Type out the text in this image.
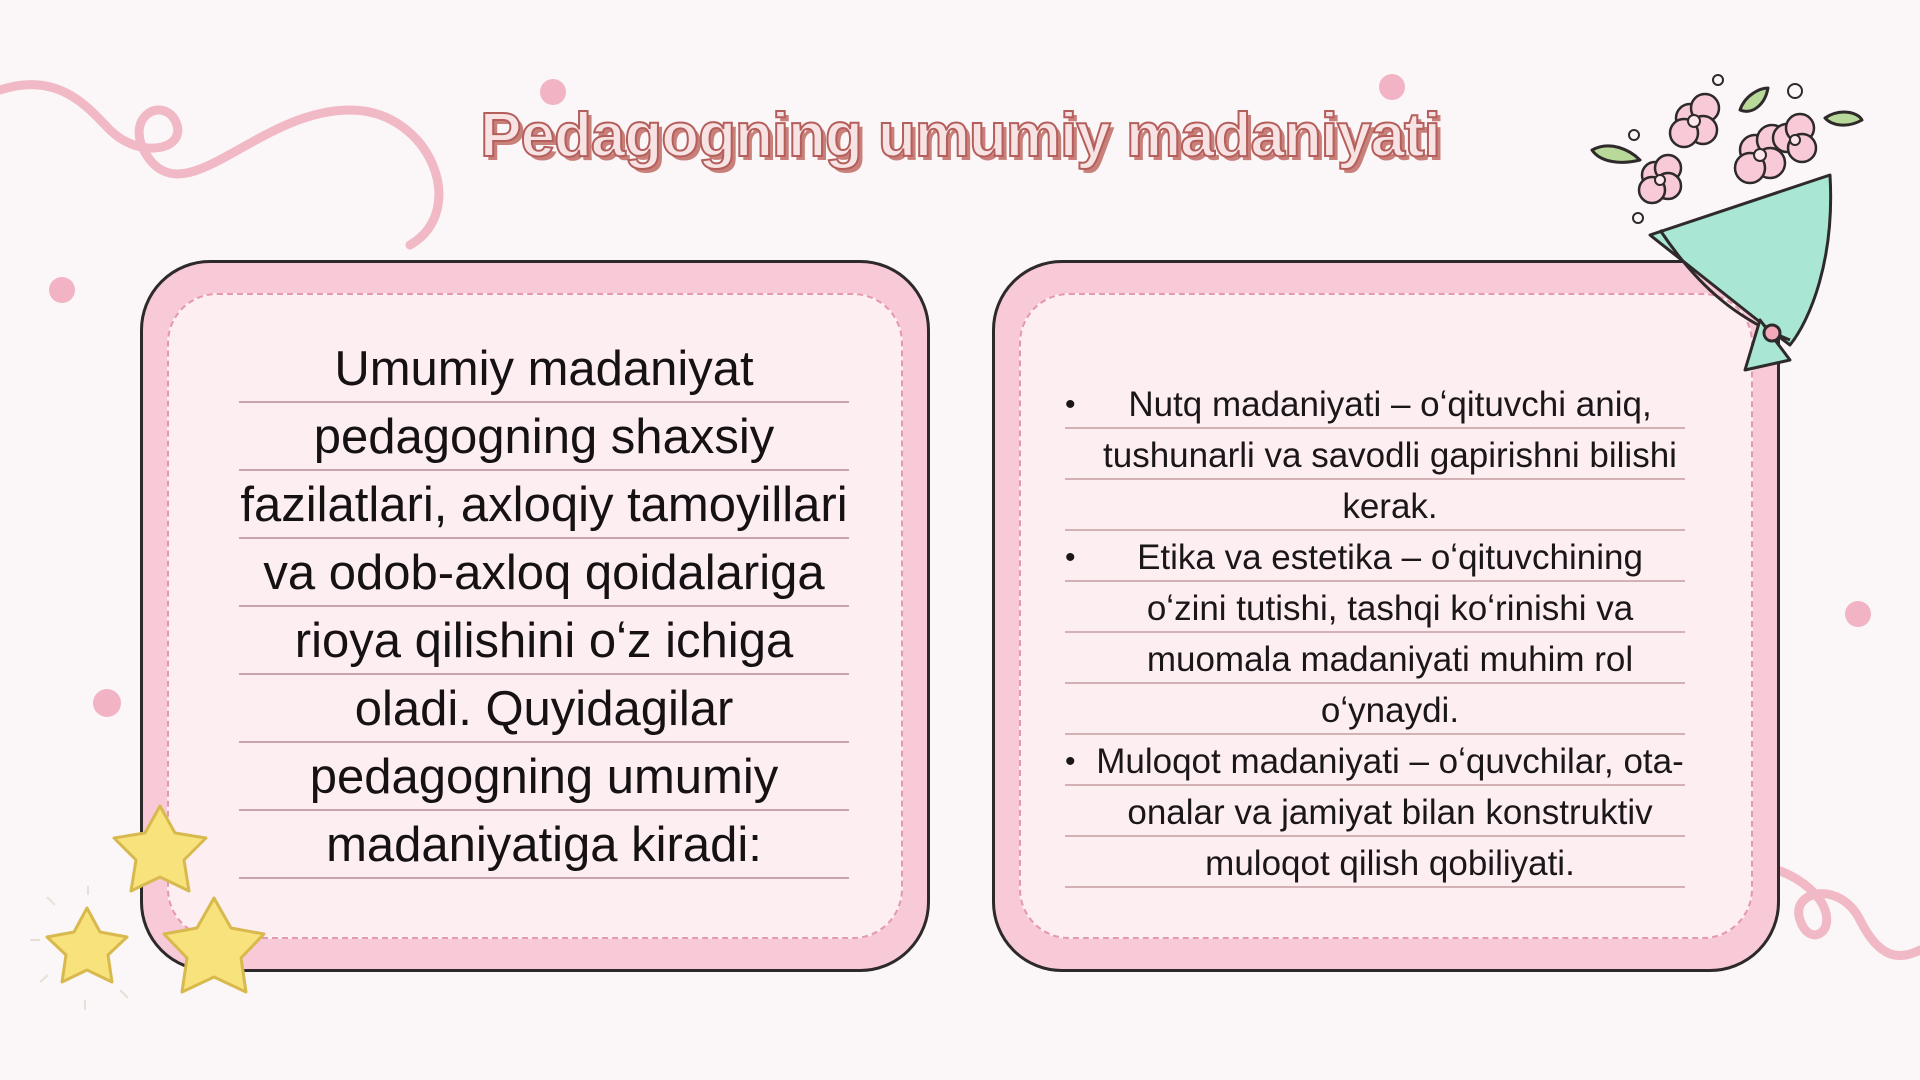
Pedagogning umumiy madaniyati
Umumiy madaniyat pedagogning shaxsiy fazilatlari, axloqiy tamoyillari va odob-axloq qoidalariga rioya qilishini oʻz ichiga oladi. Quyidagilar pedagogning umumiy madaniyatiga kiradi:
• Nutq madaniyati – oʻqituvchi aniq, tushunarli va savodli gapirishni bilishi kerak.
• Etika va estetika – oʻqituvchining oʻzini tutishi, tashqi koʻrinishi va muomala madaniyati muhim rol oʻynaydi.
• Muloqot madaniyati – oʻquvchilar, ota-onalar va jamiyat bilan konstruktiv muloqot qilish qobiliyati.
